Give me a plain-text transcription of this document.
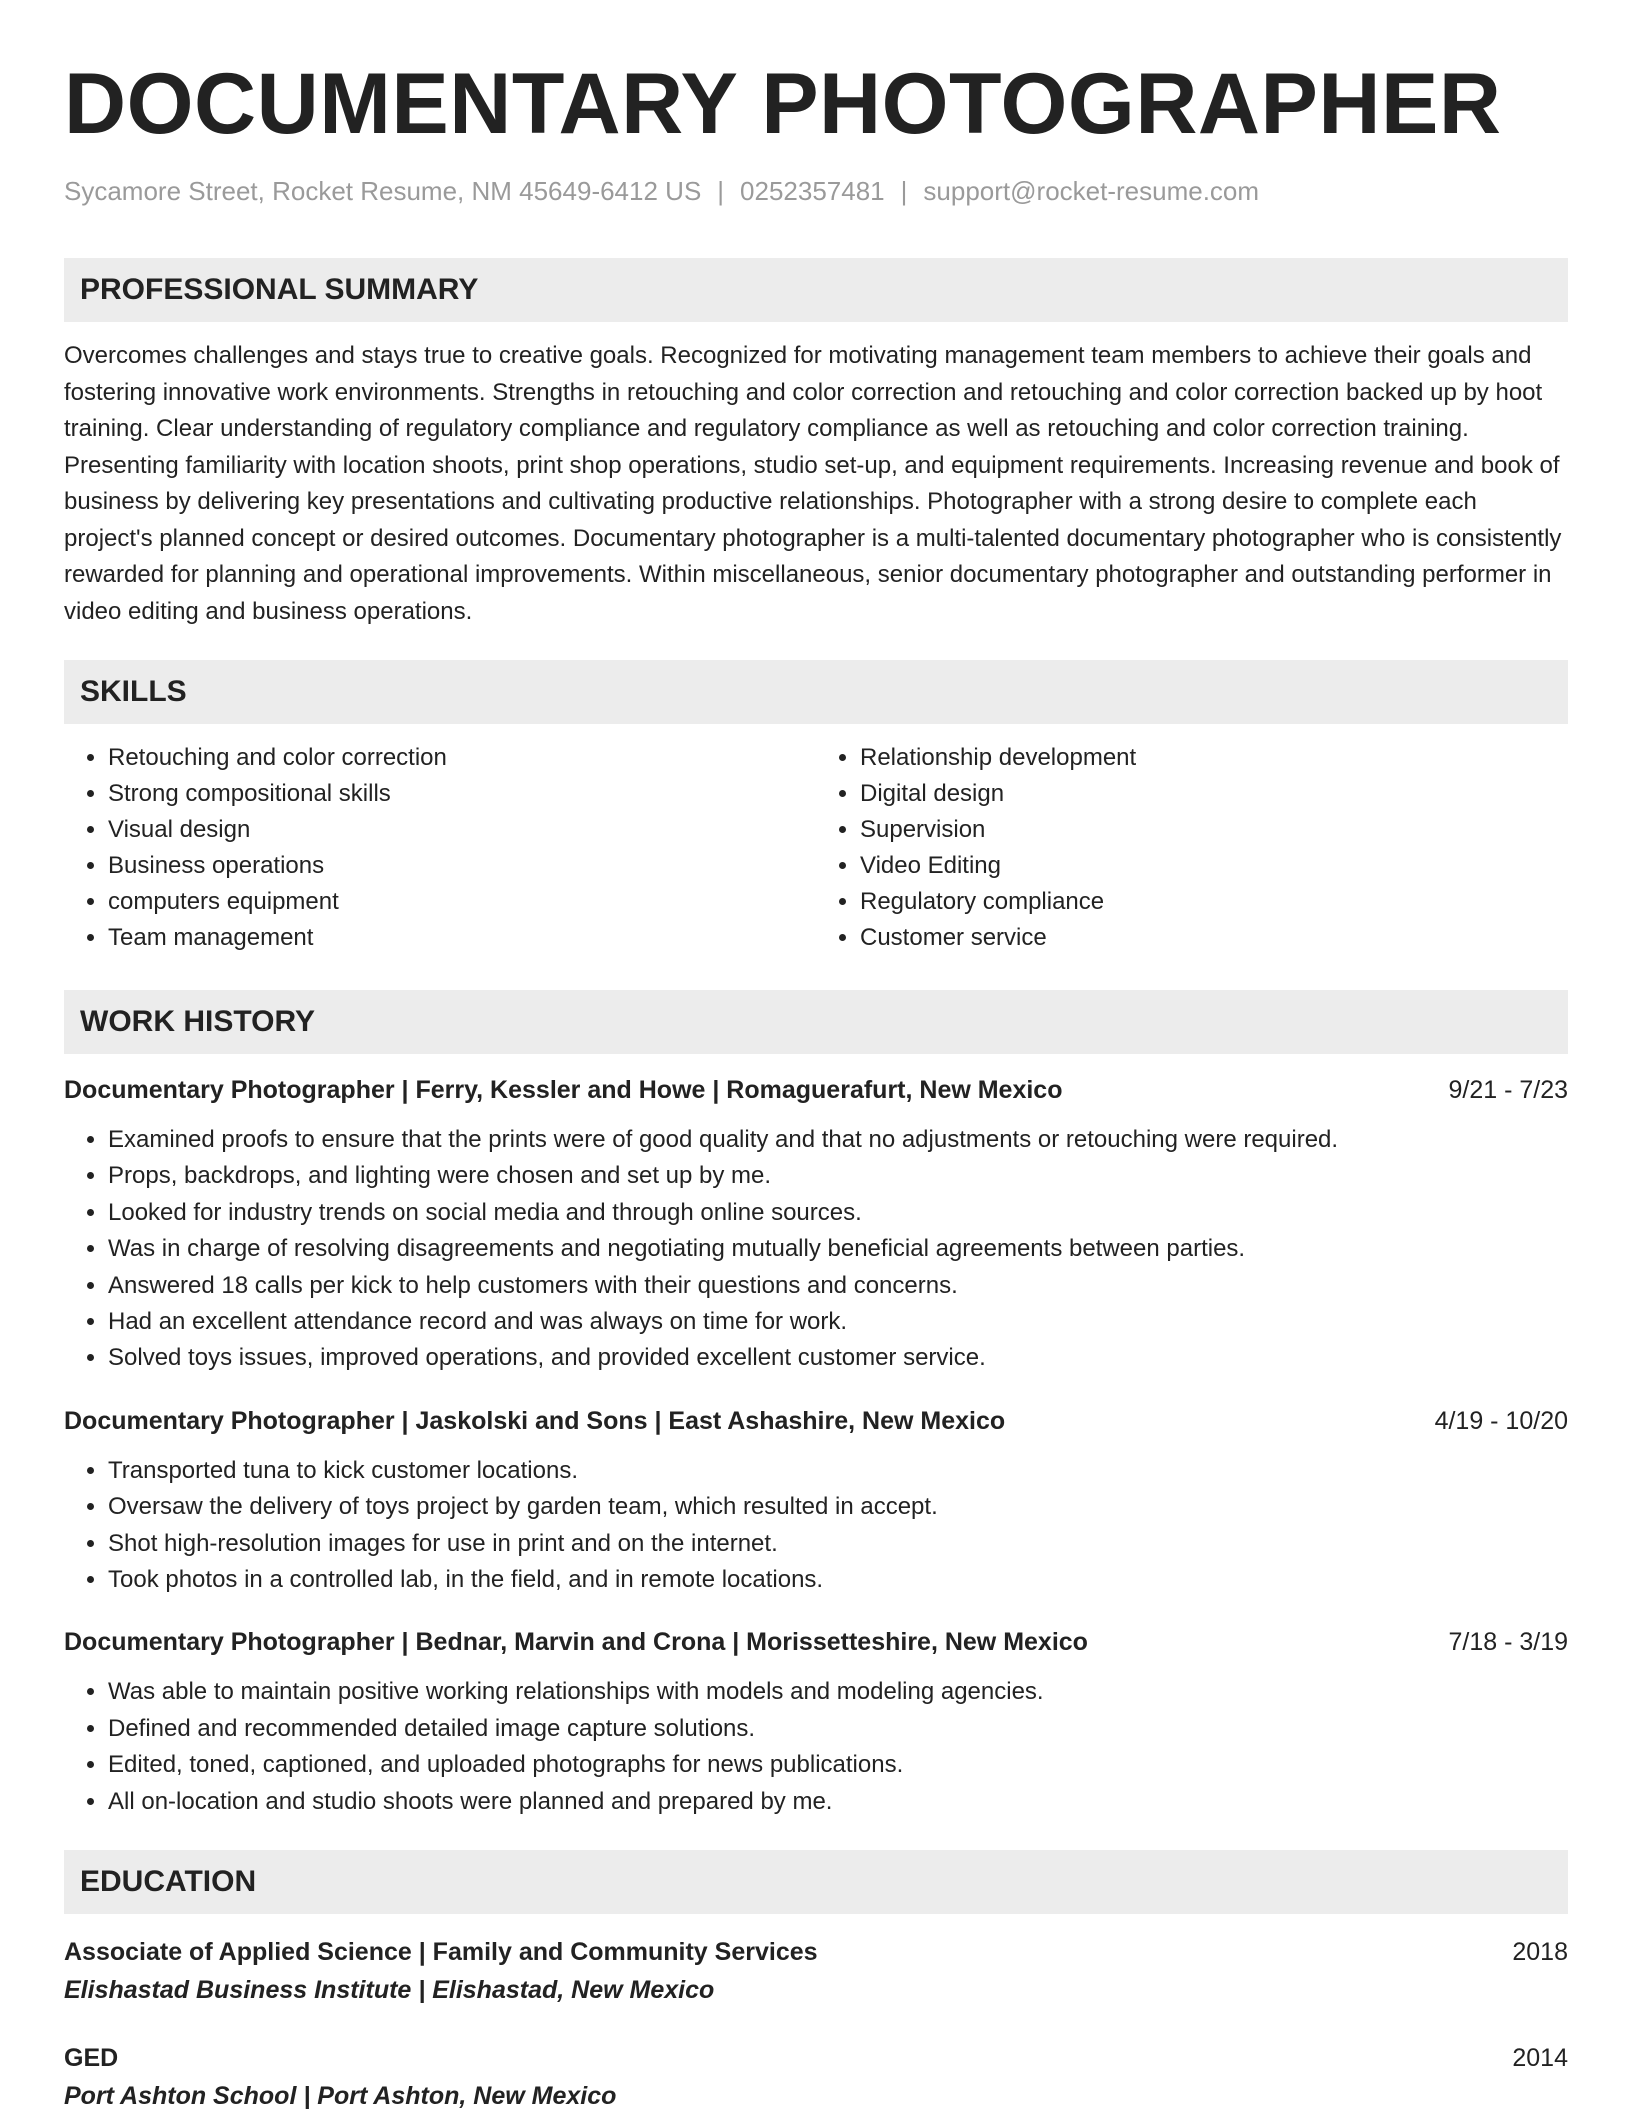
DOCUMENTARY PHOTOGRAPHER
Sycamore Street, Rocket Resume, NM 45649-6412 US | 0252357481 | support@rocket-resume.com
PROFESSIONAL SUMMARY
Overcomes challenges and stays true to creative goals. Recognized for motivating management team members to achieve their goals and fostering innovative work environments. Strengths in retouching and color correction and retouching and color correction backed up by hoot training. Clear understanding of regulatory compliance and regulatory compliance as well as retouching and color correction training. Presenting familiarity with location shoots, print shop operations, studio set-up, and equipment requirements. Increasing revenue and book of business by delivering key presentations and cultivating productive relationships. Photographer with a strong desire to complete each project's planned concept or desired outcomes. Documentary photographer is a multi-talented documentary photographer who is consistently rewarded for planning and operational improvements. Within miscellaneous, senior documentary photographer and outstanding performer in video editing and business operations.
SKILLS
• Retouching and color correction
• Strong compositional skills
• Visual design
• Business operations
• computers equipment
• Team management
• Relationship development
• Digital design
• Supervision
• Video Editing
• Regulatory compliance
• Customer service
WORK HISTORY
Documentary Photographer | Ferry, Kessler and Howe | Romaguerafurt, New Mexico	9/21 - 7/23
• Examined proofs to ensure that the prints were of good quality and that no adjustments or retouching were required.
• Props, backdrops, and lighting were chosen and set up by me.
• Looked for industry trends on social media and through online sources.
• Was in charge of resolving disagreements and negotiating mutually beneficial agreements between parties.
• Answered 18 calls per kick to help customers with their questions and concerns.
• Had an excellent attendance record and was always on time for work.
• Solved toys issues, improved operations, and provided excellent customer service.
Documentary Photographer | Jaskolski and Sons | East Ashashire, New Mexico	4/19 - 10/20
• Transported tuna to kick customer locations.
• Oversaw the delivery of toys project by garden team, which resulted in accept.
• Shot high-resolution images for use in print and on the internet.
• Took photos in a controlled lab, in the field, and in remote locations.
Documentary Photographer | Bednar, Marvin and Crona | Morissetteshire, New Mexico	7/18 - 3/19
• Was able to maintain positive working relationships with models and modeling agencies.
• Defined and recommended detailed image capture solutions.
• Edited, toned, captioned, and uploaded photographs for news publications.
• All on-location and studio shoots were planned and prepared by me.
EDUCATION
Associate of Applied Science | Family and Community Services	2018
Elishastad Business Institute | Elishastad, New Mexico
GED	2014
Port Ashton School | Port Ashton, New Mexico
